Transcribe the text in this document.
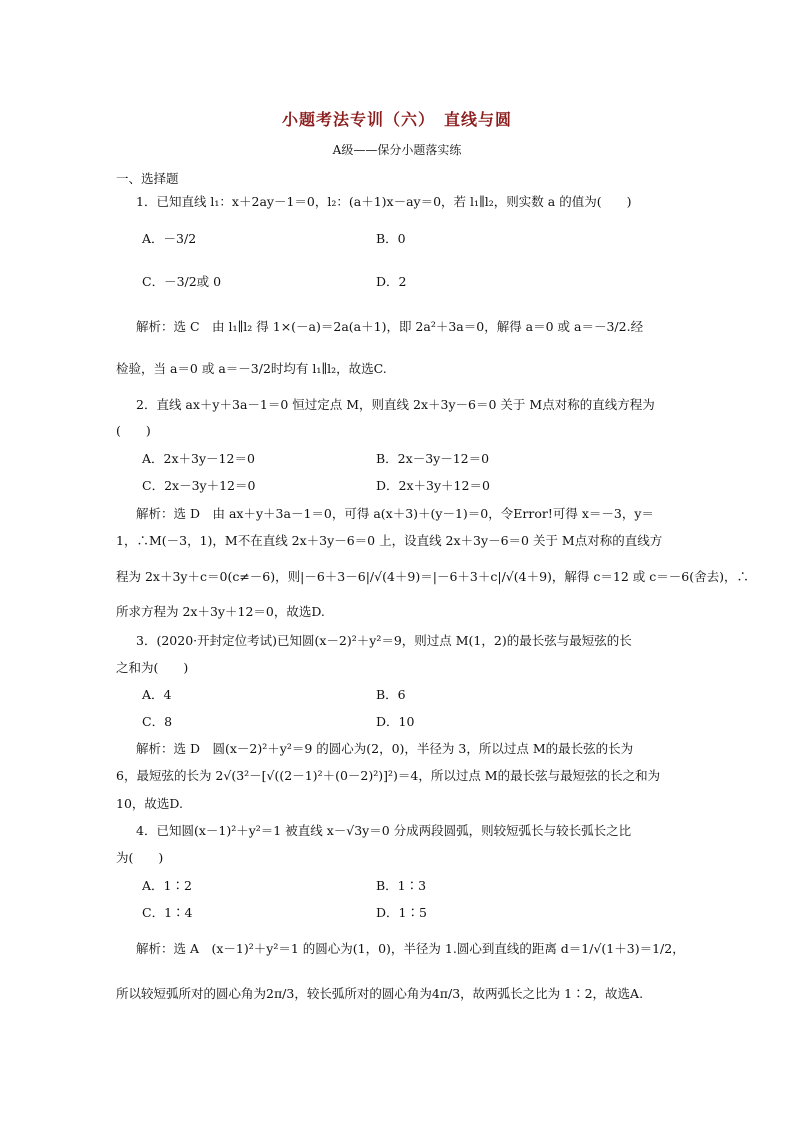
小题考法专训（六）　直线与圆
A级——保分小题落实练
一、选择题
1．已知直线 l₁：x＋2ay－1＝0，l₂：(a＋1)x－ay＝0，若 l₁∥l₂，则实数 a 的值为(　　)
A．－3/2	B．0
C．－3/2或 0	D．2
解析：选 C　由 l₁∥l₂ 得 1×(－a)＝2a(a＋1)，即 2a²＋3a＝0，解得 a＝0 或 a＝－3/2.经
检验，当 a＝0 或 a＝－3/2时均有 l₁∥l₂，故选C.
2．直线 ax＋y＋3a－1＝0 恒过定点 M，则直线 2x＋3y－6＝0 关于 M点对称的直线方程为
(　　)
A．2x＋3y－12＝0	B．2x－3y－12＝0
C．2x－3y＋12＝0	D．2x＋3y＋12＝0
解析：选 D　由 ax＋y＋3a－1＝0，可得 a(x＋3)＋(y－1)＝0，令Error!可得 x＝－3，y＝
1，∴M(－3，1)，M不在直线 2x＋3y－6＝0 上，设直线 2x＋3y－6＝0 关于 M点对称的直线方
程为 2x＋3y＋c＝0(c≠－6)，则|－6＋3－6|/√(4＋9)＝|－6＋3＋c|/√(4＋9)，解得 c＝12 或 c＝－6(舍去)，∴
所求方程为 2x＋3y＋12＝0，故选D.
3．(2020·开封定位考试)已知圆(x－2)²＋y²＝9，则过点 M(1，2)的最长弦与最短弦的长
之和为(　　)
A．4	B．6
C．8	D．10
解析：选 D　圆(x－2)²＋y²＝9 的圆心为(2，0)，半径为 3，所以过点 M的最长弦的长为
6，最短弦的长为 2√(3²－[√((2－1)²＋(0－2)²)]²)＝4，所以过点 M的最长弦与最短弦的长之和为
10，故选D.
4．已知圆(x－1)²＋y²＝1 被直线 x－√3y＝0 分成两段圆弧，则较短弧长与较长弧长之比
为(　　)
A．1∶2	B．1∶3
C．1∶4	D．1∶5
解析：选 A　(x－1)²＋y²＝1 的圆心为(1，0)，半径为 1.圆心到直线的距离 d＝1/√(1＋3)＝1/2，
所以较短弧所对的圆心角为2π/3，较长弧所对的圆心角为4π/3，故两弧长之比为 1∶2，故选A.
